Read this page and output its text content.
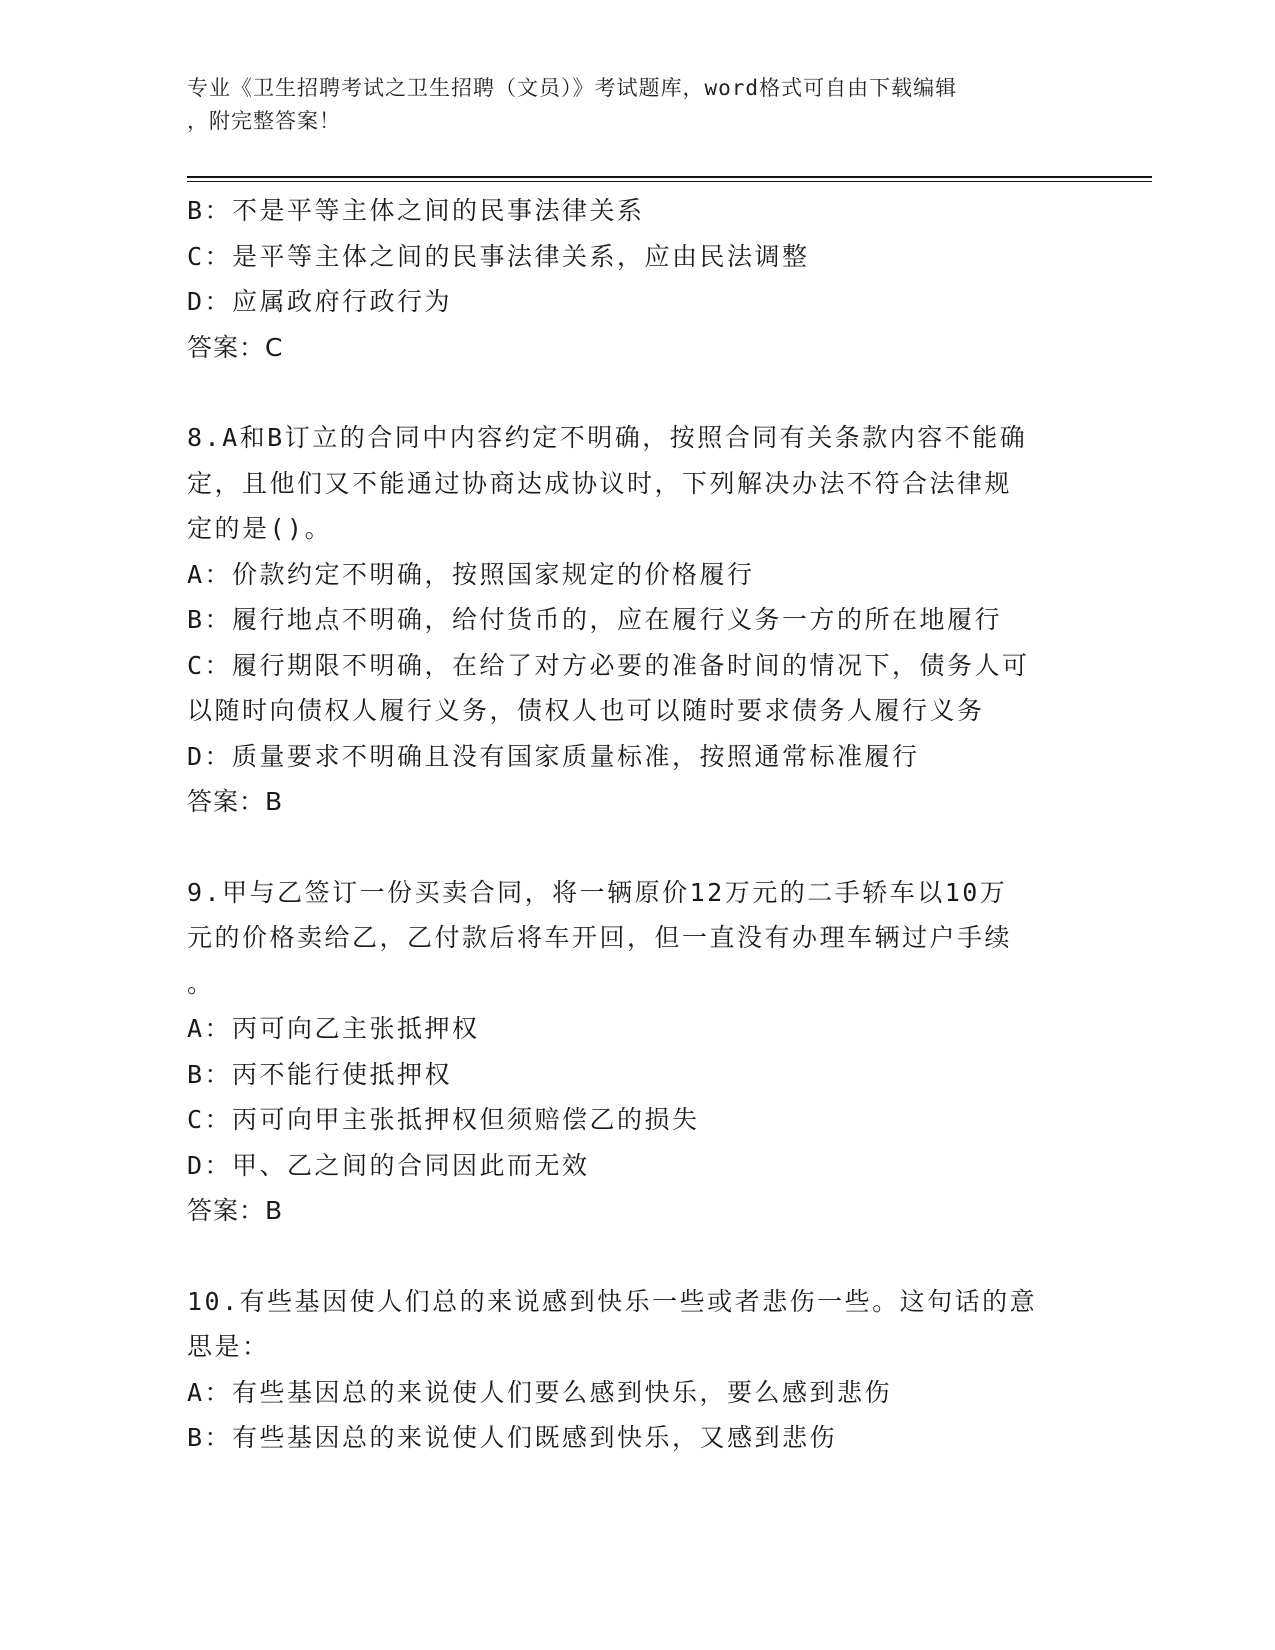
专业《卫生招聘考试之卫生招聘（文员）》考试题库，word格式可自由下载编辑
，附完整答案！
B：不是平等主体之间的民事法律关系
C：是平等主体之间的民事法律关系，应由民法调整
D：应属政府行政行为
答案：C
8.A和B订立的合同中内容约定不明确，按照合同有关条款内容不能确
定，且他们又不能通过协商达成协议时，下列解决办法不符合法律规
定的是()。
A：价款约定不明确，按照国家规定的价格履行
B：履行地点不明确，给付货币的，应在履行义务一方的所在地履行
C：履行期限不明确，在给了对方必要的准备时间的情况下，债务人可
以随时向债权人履行义务，债权人也可以随时要求债务人履行义务
D：质量要求不明确且没有国家质量标准，按照通常标准履行
答案：B
9.甲与乙签订一份买卖合同，将一辆原价12万元的二手轿车以10万
元的价格卖给乙，乙付款后将车开回，但一直没有办理车辆过户手续
。
A：丙可向乙主张抵押权
B：丙不能行使抵押权
C：丙可向甲主张抵押权但须赔偿乙的损失
D：甲、乙之间的合同因此而无效
答案：B
10.有些基因使人们总的来说感到快乐一些或者悲伤一些。这句话的意
思是：
A：有些基因总的来说使人们要么感到快乐，要么感到悲伤
B：有些基因总的来说使人们既感到快乐，又感到悲伤
